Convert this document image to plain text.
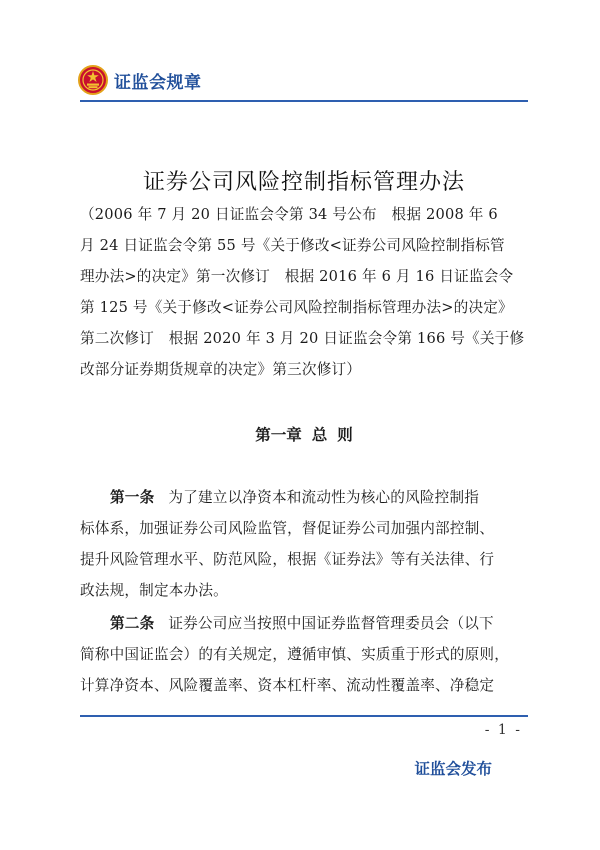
证监会规章
证券公司风险控制指标管理办法
（2006 年 7 月 20 日证监会令第 34 号公布　根据 2008 年 6
月 24 日证监会令第 55 号《关于修改<证券公司风险控制指标管
理办法>的决定》第一次修订　根据 2016 年 6 月 16 日证监会令
第 125 号《关于修改<证券公司风险控制指标管理办法>的决定》
第二次修订　根据 2020 年 3 月 20 日证监会令第 166 号《关于修
改部分证券期货规章的决定》第三次修订）
第一章 总 则
第一条 为了建立以净资本和流动性为核心的风险控制指
标体系，加强证券公司风险监管，督促证券公司加强内部控制、
提升风险管理水平、防范风险，根据《证券法》等有关法律、行
政法规，制定本办法。
第二条 证券公司应当按照中国证券监督管理委员会（以下
简称中国证监会）的有关规定，遵循审慎、实质重于形式的原则，
计算净资本、风险覆盖率、资本杠杆率、流动性覆盖率、净稳定
- 1 -
证监会发布
